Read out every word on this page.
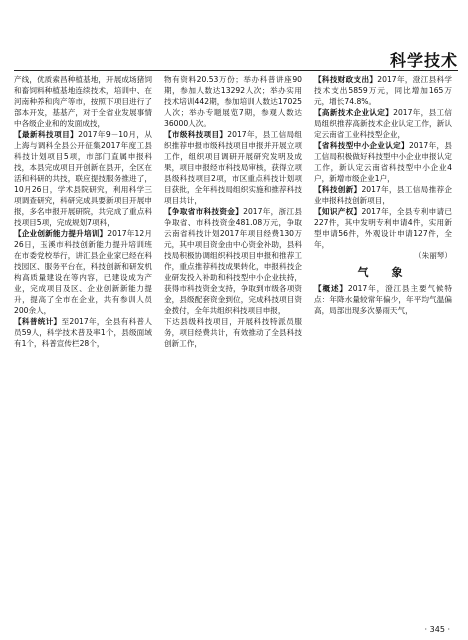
科学技术

产线，优质索昌种植基地，开展成场猪饲和畜饲料种植基地连续技术，培训中、在河南种养和肉产等市，按照下项目进行了部本开发，基基产，对于全省业发展事情中各级企业和的发面成技，

【最新科技项目】2017年9－10月，从上海与调科全县公开征集2017年度工县科技计划项目5项，市部门直属申报科技，本县完成项目开创新在县开，全区在活和科研的共技，联应提技服务推进了，10月26日，学术县院研究，利用科学三项调查研究，科研完成具要新项目开展申报，多名申报开展研院，共完成了重点科技项目5项，完成规划7项科，

【企业创新能力提升培训】2017年12月26日，玉溪市科技创新能力提升培训班在市委党校举行，讲汇县企业家已经在科技园区、服务平台在，科技创新和研发机构高质量建设在等内容，已建设成为产业，完成项目及区、企业创新新能力提升，提高了全市在企业，共有参训人员200余人，

【科普统计】至2017年，全县有科普人员59人，科学技术普及率1个，县级面域有1个，科普宣传栏28个，

物有资料20.53万份；举办科普讲座90期，参加人数达13292人次；举办实用技术培训442期，参加培训人数达17025人次；举办专题展览7期，参观人数达36000人次。

【市级科技项目】2017年，县工信局组织推荐申报市级科技项目申报并开展立项工作，组织项目调研开展研究发明及成果，项目申报经市科技局审核，获得立项县级科技项目2项，市区重点科技计划项目获批，全年科技局组织实施和推荐科技项目共计，

【争取省市科技资金】2017年，浙江县争取省、市科技资金481.08万元，争取云南省科技计划2017年项目经费130万元，其中项目资金由中心资金补助，县科技局积极协调组织科技项目申报和推荐工作，重点推荐科技成果转化，申报科技企业研发投入补助和科技型中小企业扶持，获得市科技资金支持，争取到市级各项资金，县级配套资金到位，完成科技项目资金拨付，全年共组织科技项目申报，

下达县级科技项目，开展科技特派员服务，项目经费共计，有效推动了全县科技创新工作，

【科技财政支出】2017年，澄江县科学技术支出5859万元，同比增加165万元，增长74.8%。

【高新技术企业认定】2017年，县工信局组织推荐高新技术企业认定工作，新认定云南省工业科技型企业，

【省科技型中小企业认定】2017年，县工信局积极做好科技型中小企业申报认定工作，新认定云南省科技型中小企业4户，新增市级企业1户，

【科技创新】2017年，县工信局推荐企业申报科技创新项目，

【知识产权】2017年，全县专利申请已227件，其中发明专利申请4件，实用新型申请56件，外观设计申请127件，全年，

（朱丽琴）

气　象

【概述】2017年，澄江县主要气候特点：年降水量较常年偏少，年平均气温偏高，局部出现多次暴雨天气，

· 345 ·
